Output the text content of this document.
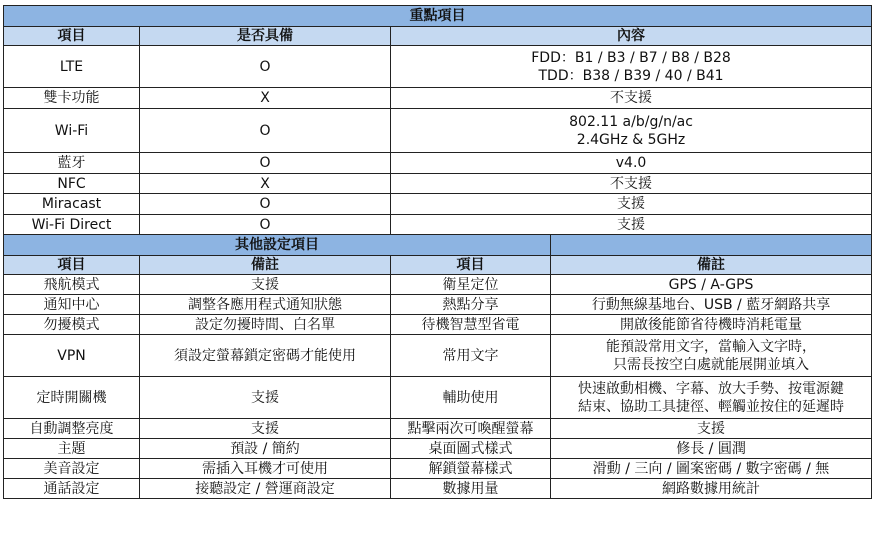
重點項目			
項目	是否具備	內容	
LTE	O	FDD：B1 / B3 / B7 / B8 / B28
TDD：B38 / B39 / 40 / B41	

雙卡功能	X	不支援	
Wi-Fi	O	802.11 a/b/g/n/ac
2.4GHz & 5GHz	

藍牙	O	v4.0	
NFC	X	不支援	
Miracast	O	支援	
Wi-Fi Direct	O	支援	
其他設定項目			
項目	備註	項目	備註
飛航模式	支援	衛星定位	GPS / A-GPS
通知中心	調整各應用程式通知狀態	熱點分享	行動無線基地台、USB / 藍牙網路共享
勿擾模式	設定勿擾時間、白名單	待機智慧型省電	開啟後能節省待機時消耗電量
VPN	須設定螢幕鎖定密碼才能使用	常用文字	能預設常用文字，當輸入文字時，
只需長按空白處就能展開並填入

定時開關機	支援	輔助使用	快速啟動相機、字幕、放大手勢、按電源鍵
結束、協助工具捷徑、輕觸並按住的延遲時

自動調整亮度	支援	點擊兩次可喚醒螢幕	支援
主題	預設 / 簡約	桌面圖式樣式	修長 / 圓潤
美音設定	需插入耳機才可使用	解鎖螢幕樣式	滑動 / 三向 / 圖案密碼 / 數字密碼 / 無
通話設定	接聽設定 / 營運商設定	數據用量	網路數據用統計
